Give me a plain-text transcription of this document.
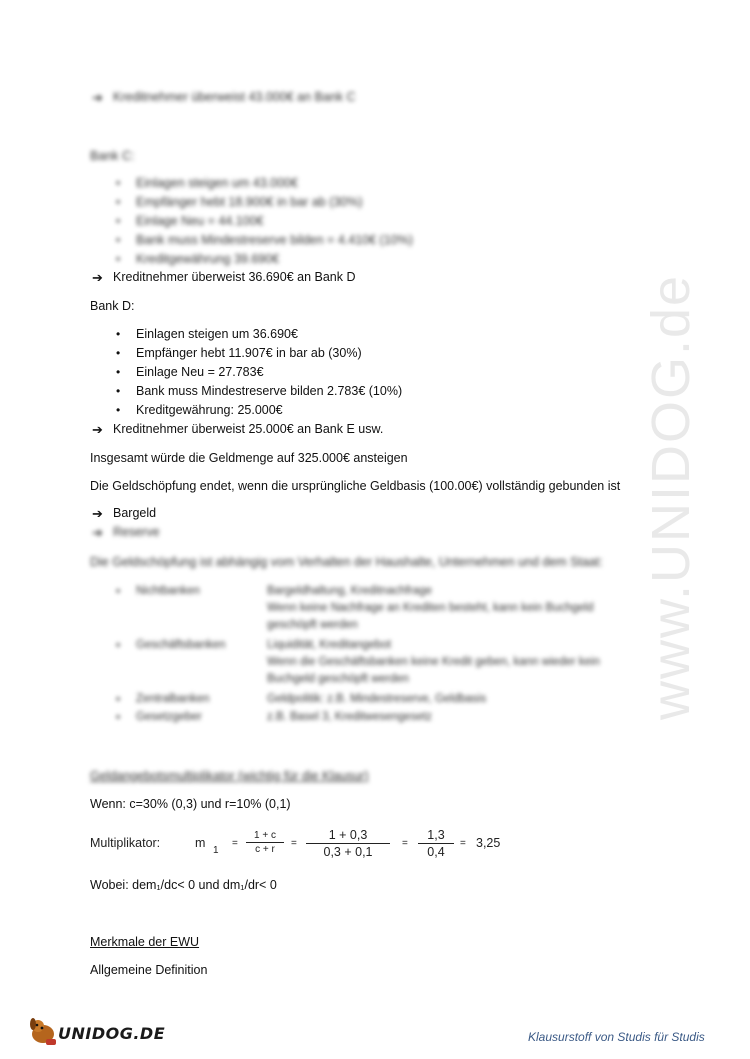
www.UNIDOG.de
➔ Kreditnehmer überweist 43.000€ an Bank C
Bank C:
• Einlagen steigen um 43.000€
• Empfänger hebt 18.900€ in bar ab (30%)
• Einlage Neu = 44.100€
• Bank muss Mindestreserve bilden = 4.410€ (10%)
• Kreditgewährung 39.690€
➔ Kreditnehmer überweist 36.690€ an Bank D
Bank D:
• Einlagen steigen um 36.690€
• Empfänger hebt 11.907€ in bar ab (30%)
• Einlage Neu = 27.783€
• Bank muss Mindestreserve bilden 2.783€ (10%)
• Kreditgewährung: 25.000€
➔ Kreditnehmer überweist 25.000€ an Bank E usw.
Insgesamt würde die Geldmenge auf 325.000€ ansteigen
Die Geldschöpfung endet, wenn die ursprüngliche Geldbasis (100.00€) vollständig gebunden ist
➔ Bargeld
➔ Reserve
Die Geldschöpfung ist abhängig vom Verhalten der Haushalte, Unternehmen und dem Staat:
• Nichtbanken	Bargeldhaltung, Kreditnachfrage
Wenn keine Nachfrage an Krediten besteht, kann kein Buchgeld
geschöpft werden
• Geschäftsbanken	Liquidität, Kreditangebot
Wenn die Geschäftsbanken keine Kredit geben, kann wieder kein
Buchgeld geschöpft werden
• Zentralbanken	Geldpolitik: z.B. Mindestreserve, Geldbasis
• Gesetzgeber	z.B. Basel 3, Kreditwesengesetz
Geldangebotsmultiplikator (wichtig für die Klausur)
Wenn: c=30% (0,3) und r=10% (0,1)
Multiplikator:	m
1
=
1 + c
c + r
=
1 + 0,3
0,3 + 0,1
=
1,3
0,4
= 3,25
Wobei: dem₁/dc< 0 und dm₁/dr< 0
Merkmale der EWU
Allgemeine Definition
UNIDOG.DE	Klausurstoff von Studis für Studis
